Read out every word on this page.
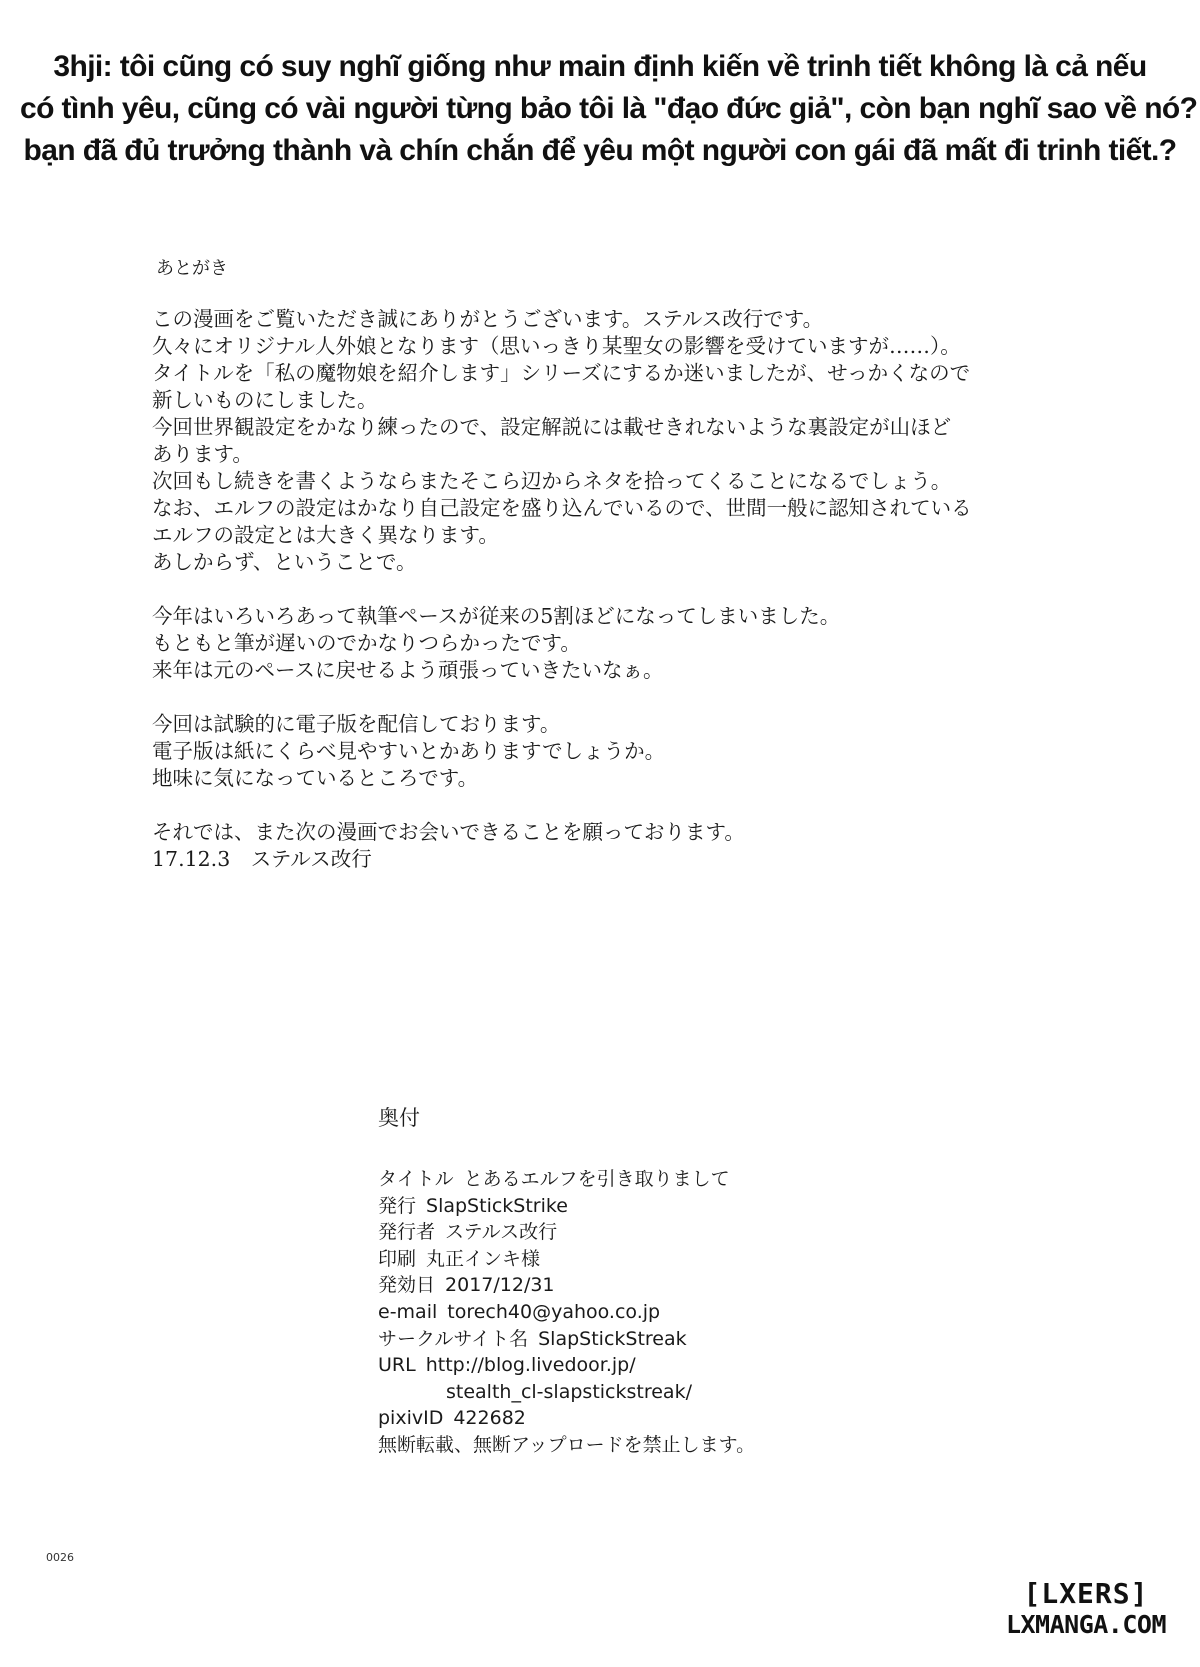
3hji: tôi cũng có suy nghĩ giống như main định kiến về trinh tiết không là cả nếu
có tình yêu, cũng có vài người từng bảo tôi là "đạo đức giả", còn bạn nghĩ sao về nó?
bạn đã đủ trưởng thành và chín chắn để yêu một người con gái đã mất đi trinh tiết.?
あとがき
この漫画をご覧いただき誠にありがとうございます。ステルス改行です。
久々にオリジナル人外娘となります（思いっきり某聖女の影響を受けていますが……）。
タイトルを「私の魔物娘を紹介します」シリーズにするか迷いましたが、せっかくなので
新しいものにしました。
今回世界観設定をかなり練ったので、設定解説には載せきれないような裏設定が山ほど
あります。
次回もし続きを書くようならまたそこら辺からネタを拾ってくることになるでしょう。
なお、エルフの設定はかなり自己設定を盛り込んでいるので、世間一般に認知されている
エルフの設定とは大きく異なります。
あしからず、ということで。
今年はいろいろあって執筆ペースが従来の5割ほどになってしまいました。
もともと筆が遅いのでかなりつらかったです。
来年は元のペースに戻せるよう頑張っていきたいなぁ。
今回は試験的に電子版を配信しております。
電子版は紙にくらべ見やすいとかありますでしょうか。
地味に気になっているところです。
それでは、また次の漫画でお会いできることを願っております。
17.12.3　ステルス改行
奥付
タイトル とあるエルフを引き取りまして
発行 SlapStickStrike
発行者 ステルス改行
印刷 丸正インキ様
発効日 2017/12/31
e-mail torech40@yahoo.co.jp
サークルサイト名 SlapStickStreak
URL http://blog.livedoor.jp/
stealth_cl-slapstickstreak/
pixivID 422682
無断転載、無断アップロードを禁止します。
0026
[LXERS]
LXMANGA.COM
